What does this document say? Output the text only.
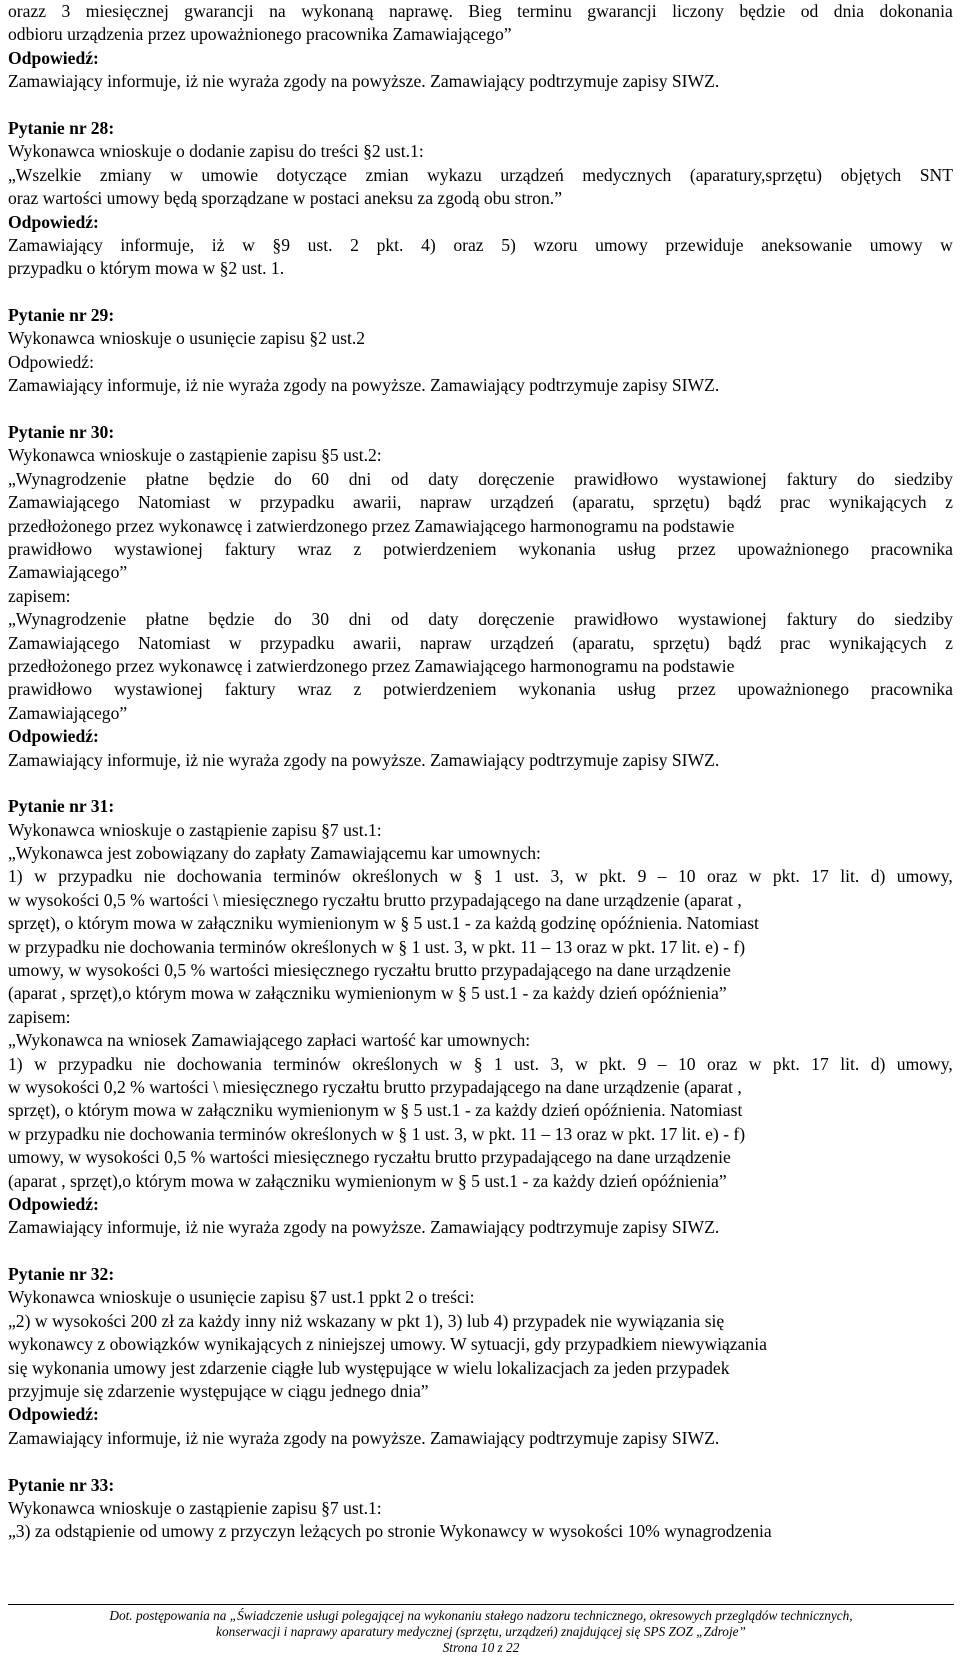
orazz 3 miesięcznej gwarancji na wykonaną naprawę. Bieg terminu gwarancji liczony będzie od dnia dokonania
odbioru urządzenia przez upoważnionego pracownika Zamawiającego”
Odpowiedź:
Zamawiający informuje, iż nie wyraża zgody na powyższe. Zamawiający podtrzymuje zapisy SIWZ.
Pytanie nr 28:
Wykonawca wnioskuje o dodanie zapisu do treści §2 ust.1:
„Wszelkie zmiany w umowie dotyczące zmian wykazu urządzeń medycznych (aparatury,sprzętu) objętych SNT
oraz wartości umowy będą sporządzane w postaci aneksu za zgodą obu stron.”
Odpowiedź:
Zamawiający informuje, iż w §9 ust. 2 pkt. 4) oraz 5) wzoru umowy przewiduje aneksowanie umowy w
przypadku o którym mowa w §2 ust. 1.
Pytanie nr 29:
Wykonawca wnioskuje o usunięcie zapisu §2 ust.2
Odpowiedź:
Zamawiający informuje, iż nie wyraża zgody na powyższe. Zamawiający podtrzymuje zapisy SIWZ.
Pytanie nr 30:
Wykonawca wnioskuje o zastąpienie zapisu §5 ust.2:
„Wynagrodzenie płatne będzie do 60 dni od daty doręczenie prawidłowo wystawionej faktury do siedziby
Zamawiającego Natomiast w przypadku awarii, napraw urządzeń (aparatu, sprzętu) bądź prac wynikających z
przedłożonego przez wykonawcę i zatwierdzonego przez Zamawiającego harmonogramu na podstawie
prawidłowo wystawionej faktury wraz z potwierdzeniem wykonania usług przez upoważnionego pracownika
Zamawiającego”
zapisem:
„Wynagrodzenie płatne będzie do 30 dni od daty doręczenie prawidłowo wystawionej faktury do siedziby
Zamawiającego Natomiast w przypadku awarii, napraw urządzeń (aparatu, sprzętu) bądź prac wynikających z
przedłożonego przez wykonawcę i zatwierdzonego przez Zamawiającego harmonogramu na podstawie
prawidłowo wystawionej faktury wraz z potwierdzeniem wykonania usług przez upoważnionego pracownika
Zamawiającego”
Odpowiedź:
Zamawiający informuje, iż nie wyraża zgody na powyższe. Zamawiający podtrzymuje zapisy SIWZ.
Pytanie nr 31:
Wykonawca wnioskuje o zastąpienie zapisu §7 ust.1:
„Wykonawca jest zobowiązany do zapłaty Zamawiającemu kar umownych:
1) w przypadku nie dochowania terminów określonych w § 1 ust. 3, w pkt. 9 – 10 oraz w pkt. 17 lit. d) umowy,
w wysokości 0,5 % wartości \ miesięcznego ryczałtu brutto przypadającego na dane urządzenie (aparat ,
sprzęt), o którym mowa w załączniku wymienionym w § 5 ust.1 - za każdą godzinę opóźnienia. Natomiast
w przypadku nie dochowania terminów określonych w § 1 ust. 3, w pkt. 11 – 13 oraz w pkt. 17 lit. e) - f)
umowy, w wysokości 0,5 % wartości miesięcznego ryczałtu brutto przypadającego na dane urządzenie
(aparat , sprzęt),o którym mowa w załączniku wymienionym w § 5 ust.1 - za każdy dzień opóźnienia”
zapisem:
„Wykonawca na wniosek Zamawiającego zapłaci wartość kar umownych:
1) w przypadku nie dochowania terminów określonych w § 1 ust. 3, w pkt. 9 – 10 oraz w pkt. 17 lit. d) umowy,
w wysokości 0,2 % wartości \ miesięcznego ryczałtu brutto przypadającego na dane urządzenie (aparat ,
sprzęt), o którym mowa w załączniku wymienionym w § 5 ust.1 - za każdy dzień opóźnienia. Natomiast
w przypadku nie dochowania terminów określonych w § 1 ust. 3, w pkt. 11 – 13 oraz w pkt. 17 lit. e) - f)
umowy, w wysokości 0,5 % wartości miesięcznego ryczałtu brutto przypadającego na dane urządzenie
(aparat , sprzęt),o którym mowa w załączniku wymienionym w § 5 ust.1 - za każdy dzień opóźnienia”
Odpowiedź:
Zamawiający informuje, iż nie wyraża zgody na powyższe. Zamawiający podtrzymuje zapisy SIWZ.
Pytanie nr 32:
Wykonawca wnioskuje o usunięcie zapisu §7 ust.1 ppkt 2 o treści:
„2) w wysokości 200 zł za każdy inny niż wskazany w pkt 1), 3) lub 4) przypadek nie wywiązania się
wykonawcy z obowiązków wynikających z niniejszej umowy. W sytuacji, gdy przypadkiem niewywiązania
się wykonania umowy jest zdarzenie ciągłe lub występujące w wielu lokalizacjach za jeden przypadek
przyjmuje się zdarzenie występujące w ciągu jednego dnia”
Odpowiedź:
Zamawiający informuje, iż nie wyraża zgody na powyższe. Zamawiający podtrzymuje zapisy SIWZ.
Pytanie nr 33:
Wykonawca wnioskuje o zastąpienie zapisu §7 ust.1:
„3) za odstąpienie od umowy z przyczyn leżących po stronie Wykonawcy w wysokości 10% wynagrodzenia
Dot. postępowania na „Świadczenie usługi polegającej na wykonaniu stałego nadzoru technicznego, okresowych przeglądów technicznych,
konserwacji i naprawy aparatury medycznej (sprzętu, urządzeń) znajdującej się SPS ZOZ „Zdroje”
Strona 10 z 22
